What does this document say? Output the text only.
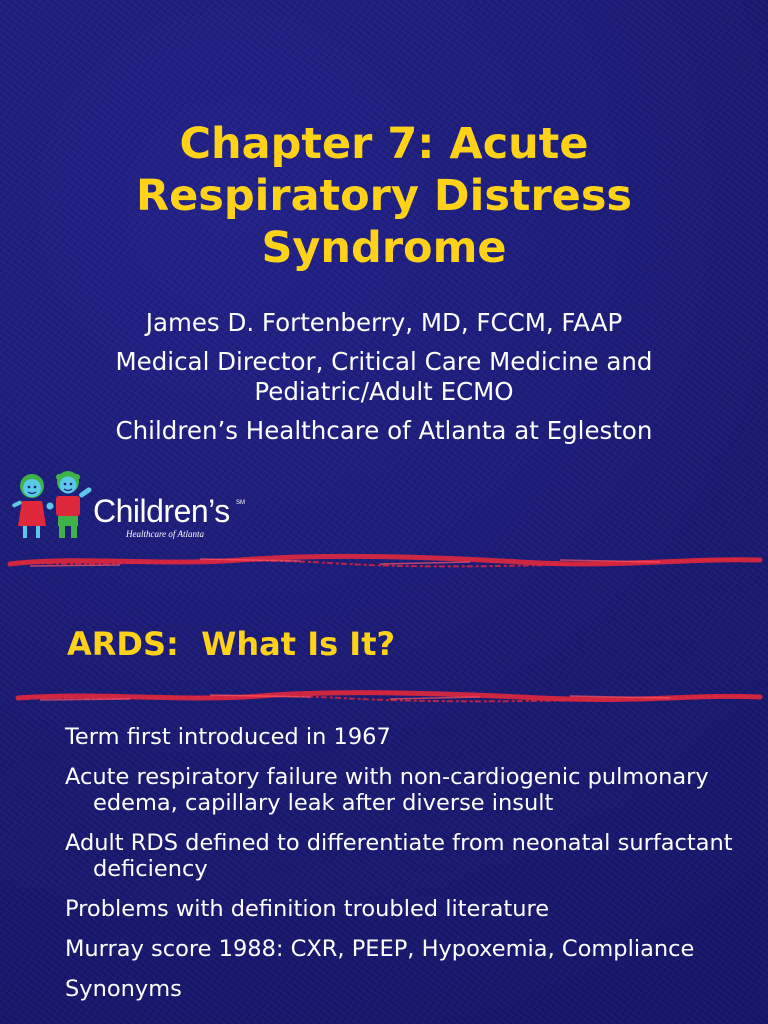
Chapter 7: Acute
Respiratory Distress
Syndrome
James D. Fortenberry, MD, FCCM, FAAP
Medical Director, Critical Care Medicine and
Pediatric/Adult ECMO
Children’s Healthcare of Atlanta at Egleston
Children’s SM
Healthcare of Atlanta
ARDS:  What Is It?
Term first introduced in 1967
Acute respiratory failure with non-cardiogenic pulmonary edema, capillary leak after diverse insult
Adult RDS defined to differentiate from neonatal surfactant deficiency
Problems with definition troubled literature
Murray score 1988: CXR, PEEP, Hypoxemia, Compliance
Synonyms
